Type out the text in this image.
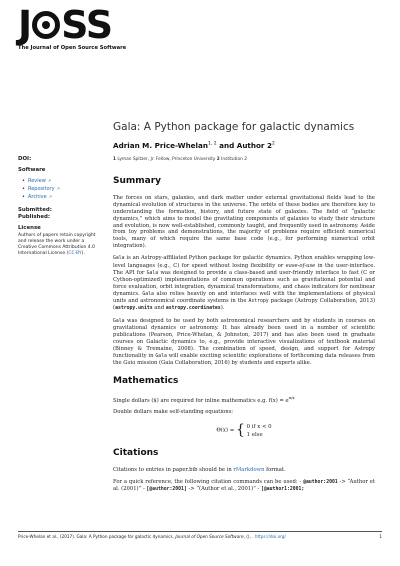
J SS
The Journal of Open Source Software
Gala: A Python package for galactic dynamics
Adrian M. Price-Whelan$^{1, 2}$ and Author $2^2$
1 Lyman Spitzer, Jr. Fellow, Princeton University 2 Institution 2
DOI:
Software
• Review ↗
• Repository ↗
• Archive ↗
Submitted:
Published:
License
Authors of papers retain copyright and release the work under a Creative Commons Attribution 4.0 International License (CC-BY).
Summary

The forces on stars, galaxies, and dark matter under external gravitational fields lead to the dynamical evolution of structures in the universe. The orbits of these bodies are therefore key to understanding the formation, history, and future state of galaxies. The field of “galactic dynamics,” which aims to model the gravitating components of galaxies to study their structure and evolution, is now well-established, commonly taught, and frequently used in astronomy. Aside from toy problems and demonstrations, the majority of problems require efficient numerical tools, many of which require the same base code (e.g., for performing numerical orbit integration).

Gala is an Astropy-affiliated Python package for galactic dynamics. Python enables wrapping low-level languages (e.g., C) for speed without losing flexibility or ease-of-use in the user-interface. The API for Gala was designed to provide a class-based and user-friendly interface to fast (C or Cython-optimized) implementations of common operations such as gravitational potential and force evaluation, orbit integration, dynamical transformations, and chaos indicators for nonlinear dynamics. Gala also relies heavily on and interfaces well with the implementations of physical units and astronomical coordinate systems in the Astropy package (Astropy Collaboration, 2013) (astropy.units and astropy.coordinates).

Gala was designed to be used by both astronomical researchers and by students in courses on gravitational dynamics or astronomy. It has already been used in a number of scientific publications (Pearson, Price-Whelan, & Johnston, 2017) and has also been used in graduate courses on Galactic dynamics to, e.g., provide interactive visualizations of textbook material (Binney & Tremaine, 2008). The combination of speed, design, and support for Astropy functionality in Gala will enable exciting scientific explorations of forthcoming data releases from the Gaia mission (Gaia Collaboration, 2016) by students and experts alike.

Mathematics

Single dollars ($) are required for inline mathematics e.g. $f(x) = e^{\pi/x}$

Double dollars make self-standing equations:

Θ(x) = { 0 if x < 0
1 else
Citations

Citations to entries in paper.bib should be in rMarkdown format.

For a quick reference, the following citation commands can be used: - @author:2001 -> “Author et al. (2001)” - [@author:2001] -> “(Author et al., 2001)” - [@author1:2001;

Price-Whelan et al., (2017). Gala: A Python package for galactic dynamics. Journal of Open Source Software, (), . https://doi.org/	1
